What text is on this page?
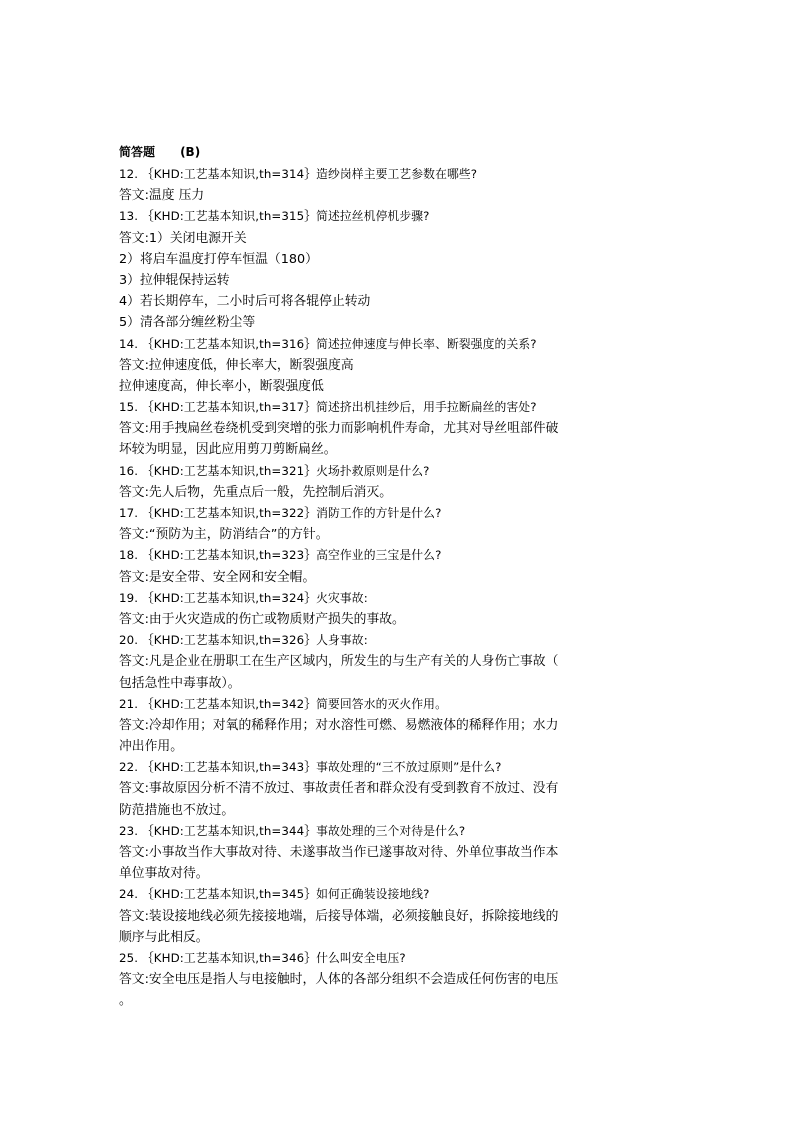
简答题      (B)
12. ｛KHD:工艺基本知识,th=314｝造纱岗样主要工艺参数在哪些?
答文:温度 压力
13. ｛KHD:工艺基本知识,th=315｝简述拉丝机停机步骤?
答文:1）关闭电源开关
2）将启车温度打停车恒温（180）
3）拉伸辊保持运转
4）若长期停车，二小时后可将各辊停止转动
5）清各部分缠丝粉尘等
14. ｛KHD:工艺基本知识,th=316｝简述拉伸速度与伸长率、断裂强度的关系?
答文:拉伸速度低，伸长率大，断裂强度高
拉伸速度高，伸长率小，断裂强度低
15. ｛KHD:工艺基本知识,th=317｝简述挤出机挂纱后，用手拉断扁丝的害处?
答文:用手拽扁丝卷绕机受到突增的张力而影响机件寿命，尤其对导丝咀部件破
坏较为明显，因此应用剪刀剪断扁丝。
16. ｛KHD:工艺基本知识,th=321｝火场扑救原则是什么?
答文:先人后物，先重点后一般，先控制后消灭。
17. ｛KHD:工艺基本知识,th=322｝消防工作的方针是什么?
答文:“预防为主，防消结合”的方针。
18. ｛KHD:工艺基本知识,th=323｝高空作业的三宝是什么?
答文:是安全带、安全网和安全帽。
19. ｛KHD:工艺基本知识,th=324｝火灾事故:
答文:由于火灾造成的伤亡或物质财产损失的事故。
20. ｛KHD:工艺基本知识,th=326｝人身事故:
答文:凡是企业在册职工在生产区域内，所发生的与生产有关的人身伤亡事故（
包括急性中毒事故）。
21. ｛KHD:工艺基本知识,th=342｝简要回答水的灭火作用。
答文:冷却作用；对氧的稀释作用；对水溶性可燃、易燃液体的稀释作用；水力
冲出作用。
22. ｛KHD:工艺基本知识,th=343｝事故处理的“三不放过原则”是什么?
答文:事故原因分析不清不放过、事故责任者和群众没有受到教育不放过、没有
防范措施也不放过。
23. ｛KHD:工艺基本知识,th=344｝事故处理的三个对待是什么?
答文:小事故当作大事故对待、未遂事故当作已遂事故对待、外单位事故当作本
单位事故对待。
24. ｛KHD:工艺基本知识,th=345｝如何正确装设接地线?
答文:装设接地线必须先接接地端，后接导体端，必须接触良好，拆除接地线的
顺序与此相反。
25. ｛KHD:工艺基本知识,th=346｝什么叫安全电压?
答文:安全电压是指人与电接触时，人体的各部分组织不会造成任何伤害的电压
。
